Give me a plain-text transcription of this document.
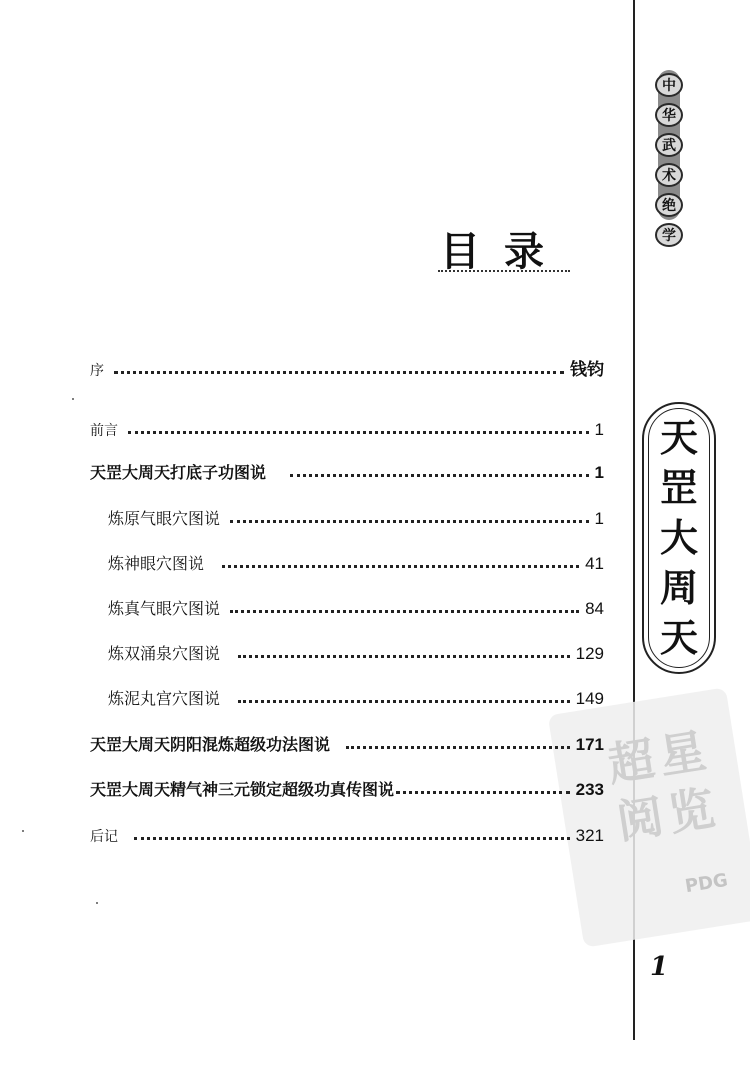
中
华
武
术
绝
学
天
罡
大
周
天
超星阅览
PDG
1
目录
序	钱钧
前言	1
天罡大周天打底子功图说	1
炼原气眼穴图说	1
炼神眼穴图说	41
炼真气眼穴图说	84
炼双涌泉穴图说	129
炼泥丸宫穴图说	149
天罡大周天阴阳混炼超级功法图说	171
天罡大周天精气神三元锁定超级功真传图说	233
后记	321
